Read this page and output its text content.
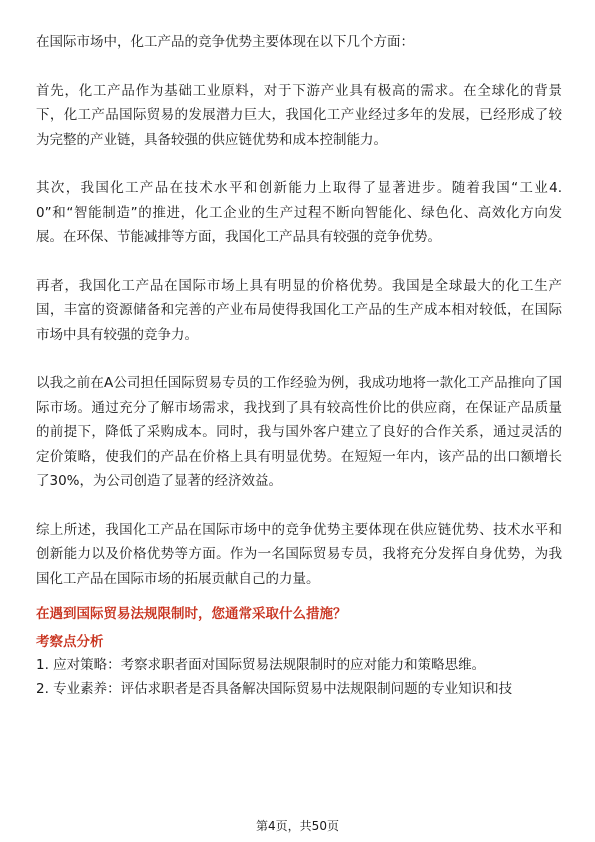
在国际市场中，化工产品的竞争优势主要体现在以下几个方面：

首先，化工产品作为基础工业原料，对于下游产业具有极高的需求。在全球化的背景下，化工产品国际贸易的发展潜力巨大，我国化工产业经过多年的发展，已经形成了较为完整的产业链，具备较强的供应链优势和成本控制能力。

其次，我国化工产品在技术水平和创新能力上取得了显著进步。随着我国“工业4.0”和“智能制造”的推进，化工企业的生产过程不断向智能化、绿色化、高效化方向发展。在环保、节能减排等方面，我国化工产品具有较强的竞争优势。

再者，我国化工产品在国际市场上具有明显的价格优势。我国是全球最大的化工生产国，丰富的资源储备和完善的产业布局使得我国化工产品的生产成本相对较低，在国际市场中具有较强的竞争力。

以我之前在A公司担任国际贸易专员的工作经验为例，我成功地将一款化工产品推向了国际市场。通过充分了解市场需求，我找到了具有较高性价比的供应商，在保证产品质量的前提下，降低了采购成本。同时，我与国外客户建立了良好的合作关系，通过灵活的定价策略，使我们的产品在价格上具有明显优势。在短短一年内，该产品的出口额增长了30%，为公司创造了显著的经济效益。

综上所述，我国化工产品在国际市场中的竞争优势主要体现在供应链优势、技术水平和创新能力以及价格优势等方面。作为一名国际贸易专员，我将充分发挥自身优势，为我国化工产品在国际市场的拓展贡献自己的力量。

在遇到国际贸易法规限制时，您通常采取什么措施？
考察点分析

1. 应对策略：考察求职者面对国际贸易法规限制时的应对能力和策略思维。

2. 专业素养：评估求职者是否具备解决国际贸易中法规限制问题的专业知识和技

第4页，共50页
